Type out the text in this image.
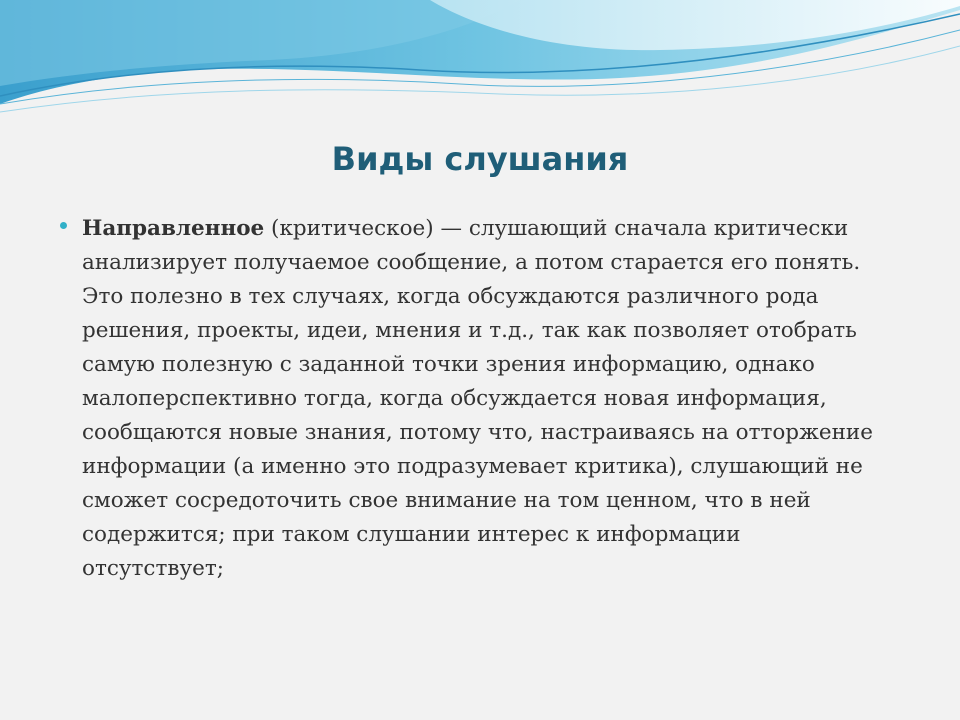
Виды слушания

Направленное (критическое) — слушающий сначала критически анализирует получаемое сообщение, а потом старается его понять. Это полезно в тех случаях, когда обсуждаются различного рода решения, проекты, идеи, мнения и т.д., так как позволяет отобрать самую полезную с заданной точки зрения информацию, однако малоперспективно тогда, когда обсуждается новая информация, сообщаются новые знания, потому что, настраиваясь на отторжение информации (а именно это подразумевает критика), слушающий не сможет сосредоточить свое внимание на том ценном, что в ней содержится; при таком слушании интерес к информации отсутствует;
